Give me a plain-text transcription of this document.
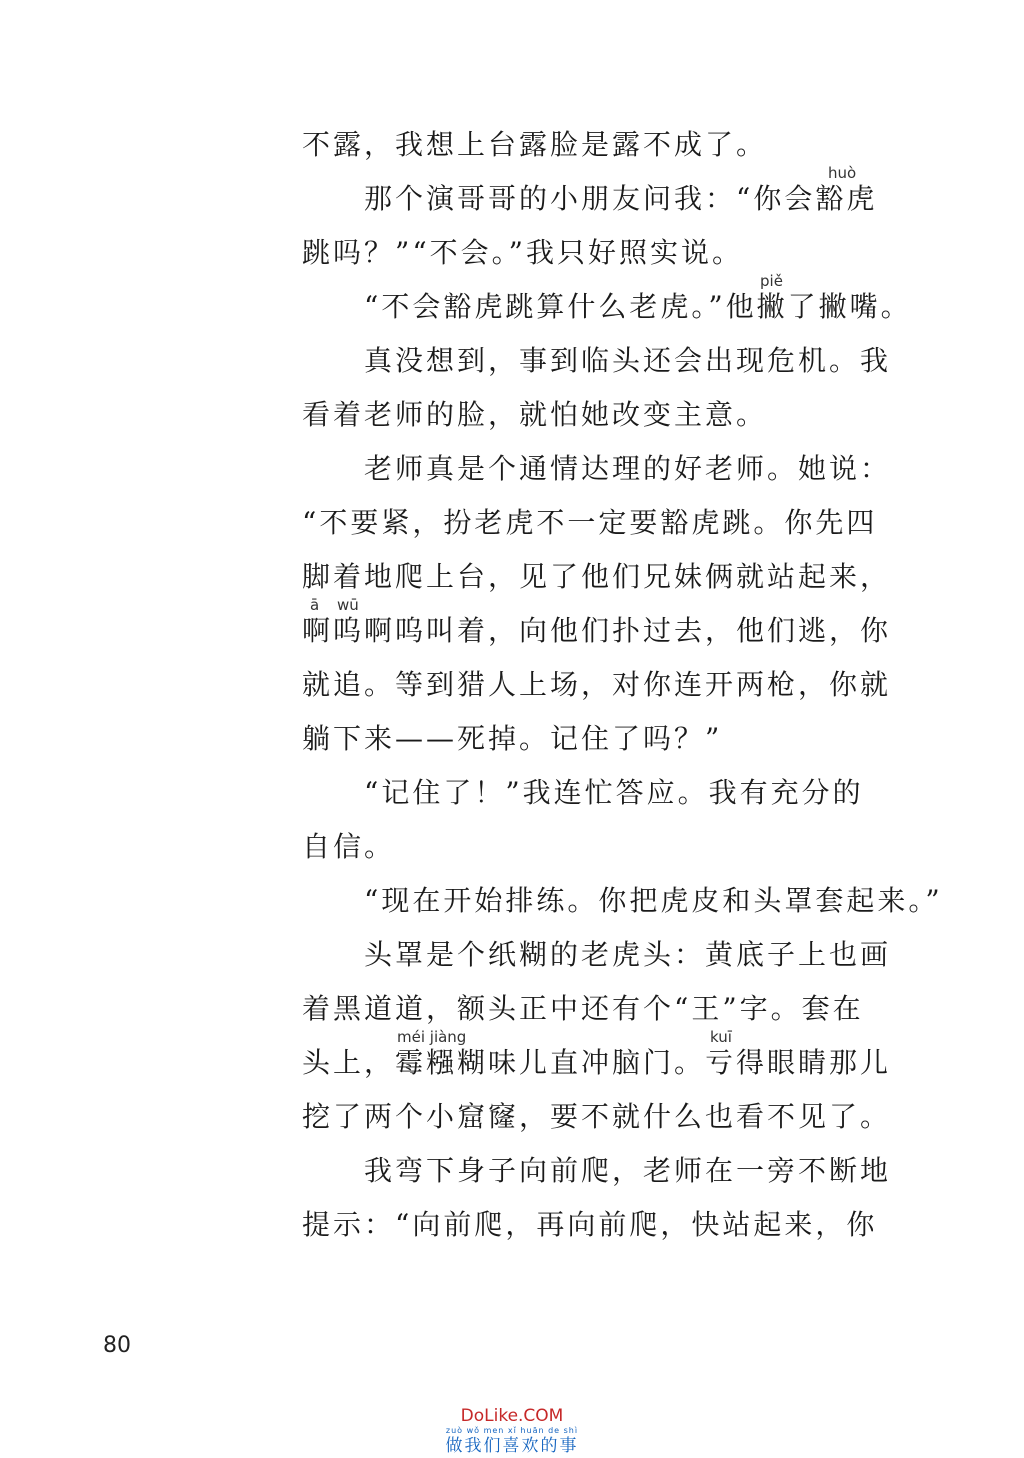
不露，我想上台露脸是露不成了。
huò
那个演哥哥的小朋友问我：“你会豁虎
跳吗？”“不会。”我只好照实说。
piě
“不会豁虎跳算什么老虎。”他撇了撇嘴。
真没想到，事到临头还会出现危机。我
看着老师的脸，就怕她改变主意。
老师真是个通情达理的好老师。她说：
“不要紧，扮老虎不一定要豁虎跳。你先四
脚着地爬上台，见了他们兄妹俩就站起来，
ā wū
啊呜啊呜叫着，向他们扑过去，他们逃，你
就追。等到猎人上场，对你连开两枪，你就
躺下来——死掉。记住了吗？”
“记住了！”我连忙答应。我有充分的
自信。
“现在开始排练。你把虎皮和头罩套起来。”
头罩是个纸糊的老虎头：黄底子上也画
着黑道道，额头正中还有个“王”字。套在
méi jiàng	kuī
头上，霉糨糊味儿直冲脑门。亏得眼睛那儿
挖了两个小窟窿，要不就什么也看不见了。
我弯下身子向前爬，老师在一旁不断地
提示：“向前爬，再向前爬，快站起来，你
80
DoLike.COM
zuò wǒ men xǐ huān de shì
做我们喜欢的事
